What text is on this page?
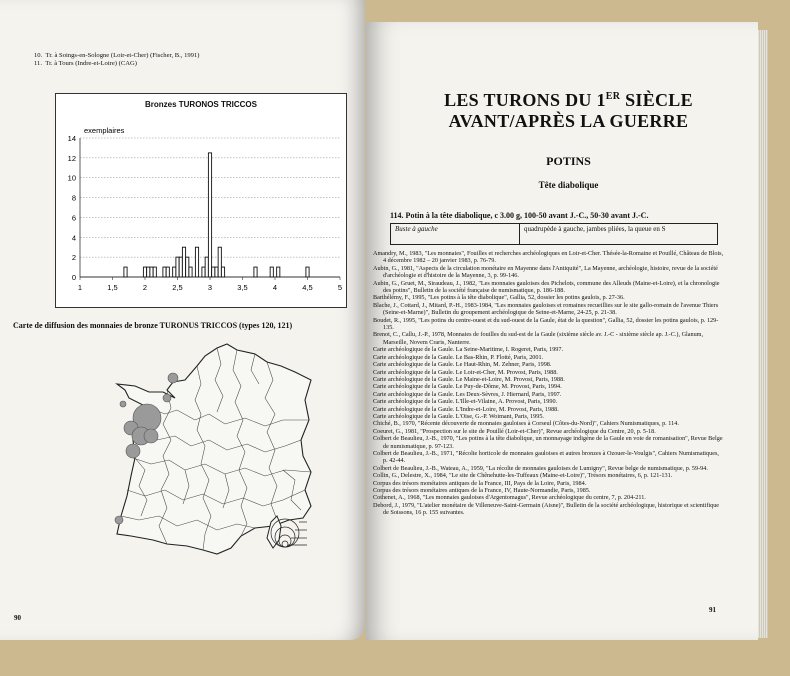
10. Tr. à Soings-en-Sologne (Loir-et-Cher) (Fischer, B., 1991)
11. Tr. à Tours (Indre-et-Loire) (CAG)
Bronzes TURONOS TRICCOS
0
2
4
6
8
10
12
14
1	1,5	2	2,5	3	3,5	4	4,5	5
exemplaires
Carte de diffusion des monnaies de bronze TURONUS TRICCOS (types 120, 121)
90
LES TURONS DU 1ER SIÈCLE
AVANT/APRÈS LA GUERRE
POTINS
Tête diabolique
114. Potin à la tête diabolique, c 3.00 g, 100-50 avant J.-C., 50-30 avant J.-C.
Buste à gauche	quadrupède à gauche, jambes pliées, la queue en S

Amandry, M., 1983, "Les monnaies", Fouilles et recherches archéologiques en Loir-et-Cher. Thésée-la-Romaine et Pouillé, Château de Blois, 4 décembre 1982 – 20 janvier 1983, p. 76-79.

Aubin, G., 1981, "Aspects de la circulation monétaire en Mayenne dans l'Antiquité", La Mayenne, archéologie, histoire, revue de la société d'archéologie et d'histoire de la Mayenne, 3, p. 99-146.

Aubin, G., Gruet, M., Siraudeau, J., 1982, "Les monnaies gauloises des Pichelots, commune des Alleuds (Maine-et-Loire), et la chronologie des potins", Bulletin de la société française de numismatique, p. 186-188.

Barthélémy, F., 1995, "Les potins à la tête diabolique", Gallia, 52, dossier les potins gaulois, p. 27-36.

Blache, J., Cottard, J., Mitard, P.-H., 1983-1984, "Les monnaies gauloises et romaines recueillies sur le site gallo-romain de l'avenue Thiers (Seine-et-Marne)", Bulletin du groupement archéologique de Seine-et-Marne, 24-25, p. 21-38.

Boudet, R., 1995, "Les potins du centre-ouest et du sud-ouest de la Gaule, état de la question", Gallia, 52, dossier les potins gaulois, p. 129-135.

Brenot, C., Callu, J.-P., 1978, Monnaies de fouilles du sud-est de la Gaule (sixième siècle av. J.-C - sixième siècle ap. J.-C.), Glanum, Marseille, Novem Craris, Nanterre.

Carte archéologique de la Gaule. La Seine-Maritime, I. Rogeret, Paris, 1997.

Carte archéologique de la Gaule. Le Bas-Rhin, P. Flotté, Paris, 2001.

Carte archéologique de la Gaule. Le Haut-Rhin, M. Zehner, Paris, 1998.

Carte archéologique de la Gaule. Le Loir-et-Cher, M. Provost, Paris, 1988.

Carte archéologique de la Gaule. Le Maine-et-Loire, M. Provost, Paris, 1988.

Carte archéologique de la Gaule. Le Puy-de-Dôme, M. Provost, Paris, 1994.

Carte archéologique de la Gaule. Les Deux-Sèvres, J. Hiernard, Paris, 1997.

Carte archéologique de la Gaule. L'Ille-et-Vilaine, A. Provost, Paris, 1990.

Carte archéologique de la Gaule. L'Indre-et-Loire, M. Provost, Paris, 1988.

Carte archéologique de la Gaule. L'Oise, G.-P. Woimant, Paris, 1995.

Chiché, B., 1970, "Récente découverte de monnaies gauloises à Corseul (Côtes-du-Nord)", Cahiers Numismatiques, p. 114.

Coeuret, G., 1981, "Prospection sur le site de Pouillé (Loir-et-Cher)", Revue archéologique du Centre, 20, p. 5-18.

Colbert de Beaulieu, J.-B., 1970, "Les potins à la tête diabolique, un monnayage indigène de la Gaule en voie de romanisation", Revue Belge de numismatique, p. 97-123.

Colbert de Beaulieu, J.-B., 1971, "Récolte horticole de monnaies gauloises et autres bronzes à Ozouer-le-Voulgis", Cahiers Numismatiques, p. 42-44.

Colbert de Beaulieu, J.-B., Wateau, A., 1959, "La récolte de monnaies gauloises de Lumigny", Revue belge de numismatique, p. 59-94.

Collin, G., Delestre, X., 1984, "Le site de Chênehutte-les-Tuffeaux (Maine-et-Loire)", Trésors monétaires, 6, p. 121-131.

Corpus des trésors monétaires antiques de la France, III, Pays de la Loire, Paris, 1984.

Corpus des trésors monétaires antiques de la France, IV, Haute-Normandie, Paris, 1985.

Cothenet, A., 1968, "Les monnaies gauloises d'Argentomagus", Revue archéologique du centre, 7, p. 204-211.

Debord, J., 1979, "L'atelier monétaire de Villeneuve-Saint-Germain (Aisne)", Bulletin de la société archéologique, historique et scientifique de Soissons, 16 p. 155 suivantes.

91
